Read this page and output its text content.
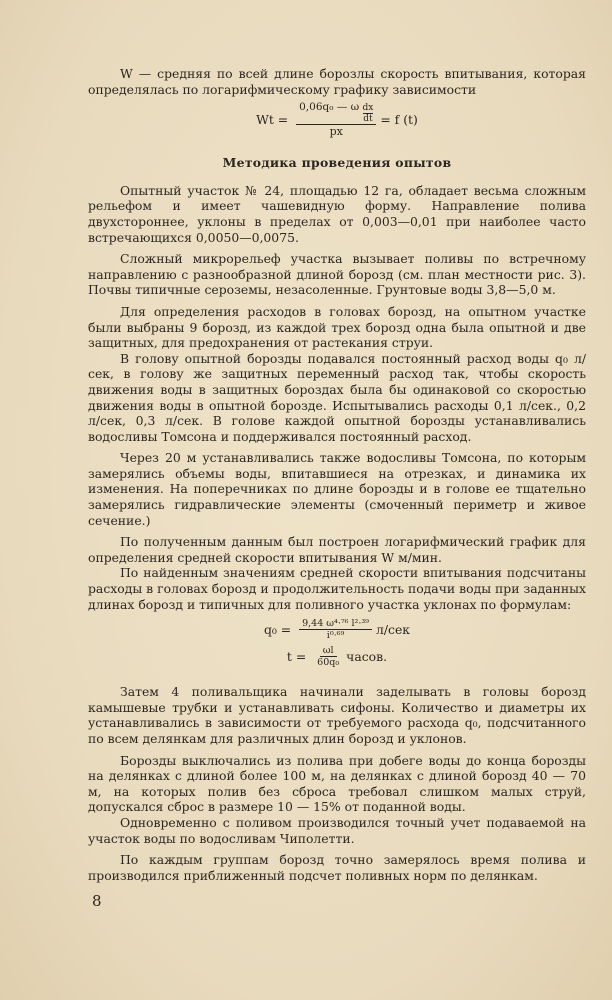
W — средняя по всей длине борозлы скорость впитывания, которая определялась по логарифмическому графику зависимости

$Wt = \frac{0,06q_0 — \omega \frac{dx}{dt}}{px} = f$ (t)
Методика проведения опытов

Опытный участок № 24, площадью 12 га, обладает весьма сложным рельефом и имеет чашевидную форму. Направление полива двухстороннее, уклоны в пределах от 0,003—0,01 при наиболее часто встречающихся 0,0050—0,0075.

Сложный микрорельеф участка вызывает поливы по встречному направлению с разнообразной длиной борозд (см. план местности рис. 3). Почвы типичные сероземы, незасоленные. Грунтовые воды 3,8—5,0 м.

Для определения расходов в головах борозд, на опытном участке были выбраны 9 борозд, из каждой трех борозд одна была опытной и две защитных, для предохранения от растекания струи.

В голову опытной борозды подавался постоянный расход воды q₀ л/сек, в голову же защитных переменный расход так, чтобы скорость движения воды в защитных бороздах была бы одинаковой со скоростью движения воды в опытной борозде. Испытывались расходы 0,1 л/сек., 0,2 л/сек, 0,3 л/сек. В голове каждой опытной борозды устанавливались водосливы Томсона и поддерживался постоянный расход.

Через 20 м устанавливались также водосливы Томсона, по которым замерялись объемы воды, впитавшиеся на отрезках, и динамика их изменения. На поперечниках по длине борозды и в голове ее тщательно замерялись гидравлические элементы (смоченный периметр и живое сечение.)

По полученным данным был построен логарифмический график для определения средней скорости впитывания W м/мин.

По найденным значениям средней скорости впитывания подсчитаны расходы в головах борозд и продолжительность подачи воды при заданных длинах борозд и типичных для поливного участка уклонах по формулам:

$q_0 = \frac{\text{9,44 ω⁴·⁷⁶ l²·³⁹}}{\text{i⁰·⁶⁹}} л/сек$
$t = \frac{\omega l}{\text{60q₀}}$ часов.

Затем 4 поливальщика начинали заделывать в головы борозд камышевые трубки и устанавливать сифоны. Количество и диаметры их устанавливались в зависимости от требуемого расхода q₀, подсчитанного по всем делянкам для различных длин борозд и уклонов.

Борозды выключались из полива при добеге воды до конца борозды на делянках с длиной более 100 м, на делянках с длиной борозд 40 — 70 м, на которых полив без сброса требовал слишком малых струй, допускался сброс в размере 10 — 15% от поданной воды.

Одновременно с поливом производился точный учет подаваемой на участок воды по водосливам Чиполетти.

По каждым группам борозд точно замерялось время полива и производился приближенный подсчет поливных норм по делянкам.

8
